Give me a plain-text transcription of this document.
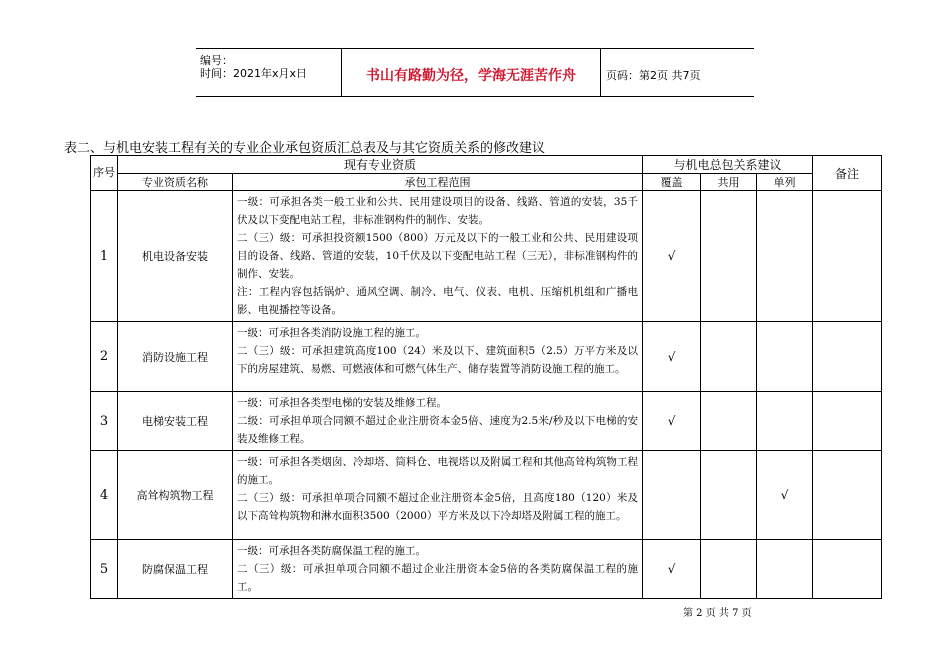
编号：
时间：2021年x月x日	书山有路勤为径，学海无涯苦作舟	页码：第2页 共7页
表二、与机电安装工程有关的专业企业承包资质汇总表及与其它资质关系的修改建议
序号	现有专业资质		与机电总包关系建议			备注
	专业资质名称	承包工程范围	覆盖	共用	单列	
1	机电设备安装	一级：可承担各类一般工业和公共、民用建设项目的设备、线路、管道的安装，35千伏及以下变配电站工程，非标准钢构件的制作、安装。
二（三）级：可承担投资额1500（800）万元及以下的一般工业和公共、民用建设项目的设备、线路、管道的安装，10千伏及以下变配电站工程（三无），非标准钢构件的制作、安装。
注：工程内容包括锅炉、通风空调、制冷、电气、仪表、电机、压缩机机组和广播电影、电视播控等设备。	√			
2	消防设施工程	一级：可承担各类消防设施工程的施工。
二（三）级：可承担建筑高度100（24）米及以下、建筑面积5（2.5）万平方米及以下的房屋建筑、易燃、可燃液体和可燃气体生产、储存装置等消防设施工程的施工。	√			
3	电梯安装工程	一级：可承担各类型电梯的安装及维修工程。
二级：可承担单项合同额不超过企业注册资本金5倍、速度为2.5米/秒及以下电梯的安装及维修工程。	√			
4	高耸构筑物工程	一级：可承担各类烟囱、冷却塔、筒料仓、电视塔以及附属工程和其他高耸构筑物工程的施工。
二（三）级：可承担单项合同额不超过企业注册资本金5倍，且高度180（120）米及以下高耸构筑物和淋水面积3500（2000）平方米及以下冷却塔及附属工程的施工。			√	
5	防腐保温工程	一级：可承担各类防腐保温工程的施工。
二（三）级：可承担单项合同额不超过企业注册资本金5倍的各类防腐保温工程的施工。	√			
第 2 页 共 7 页
